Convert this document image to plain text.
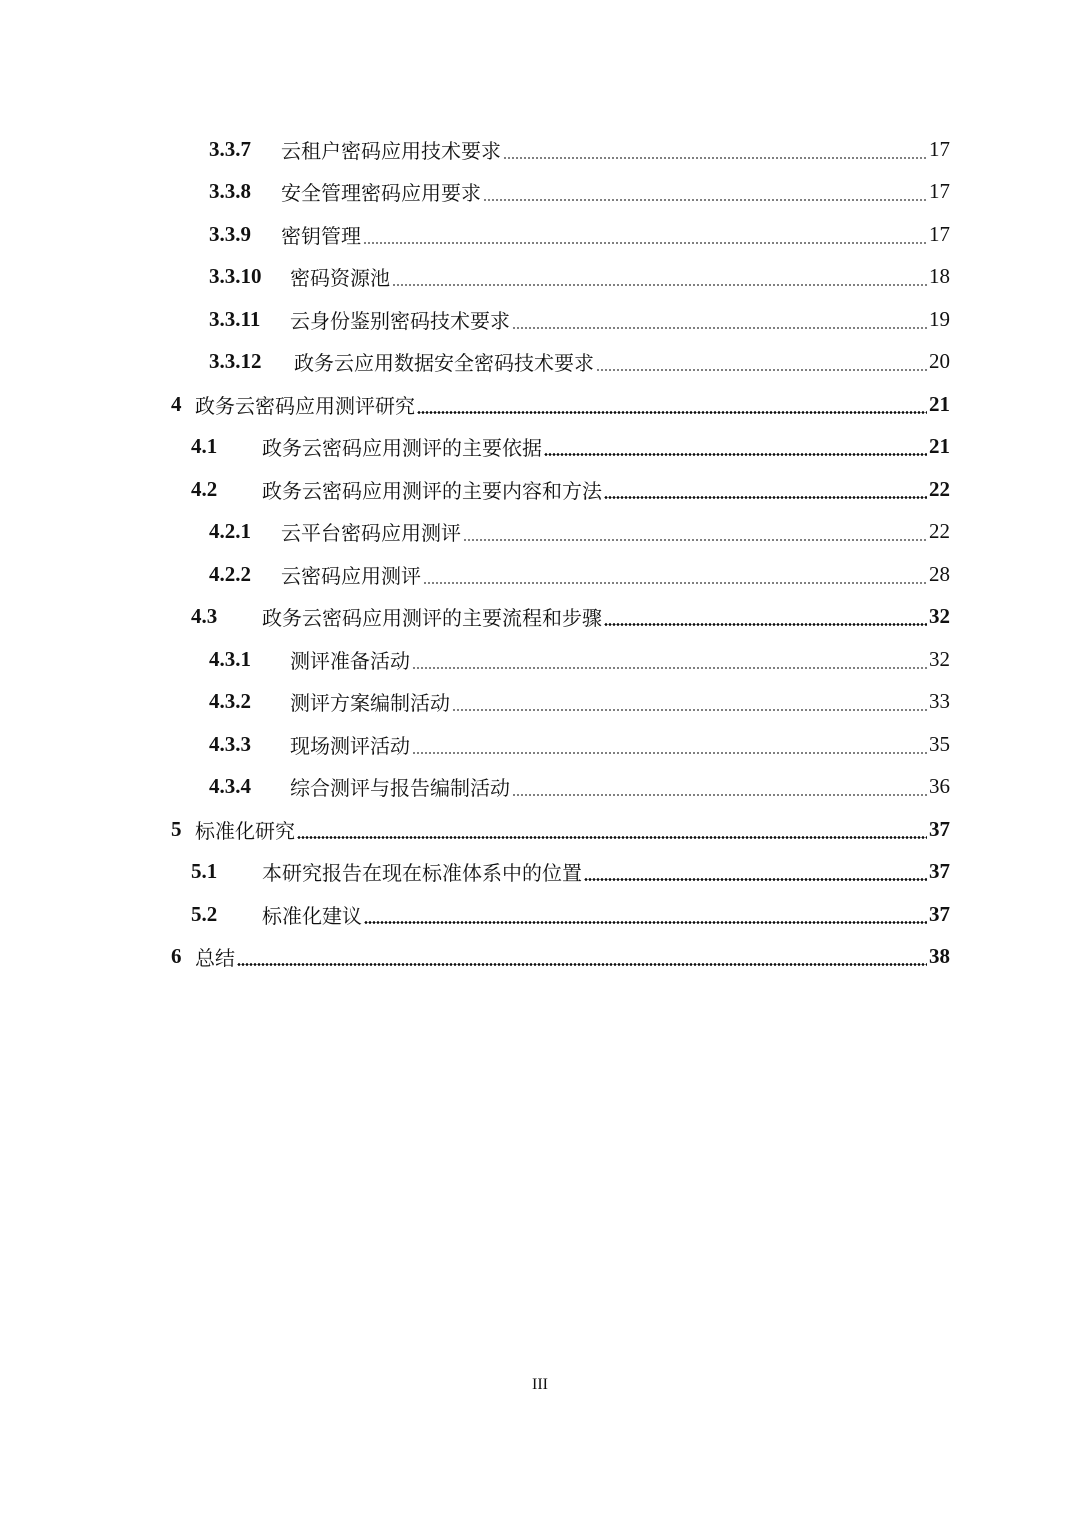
3.3.7	云租户密码应用技术要求	17
3.3.8	安全管理密码应用要求	17
3.3.9	密钥管理	17
3.3.10	密码资源池	18
3.3.11	云身份鉴别密码技术要求	19
3.3.12	政务云应用数据安全密码技术要求	20
4 政务云密码应用测评研究	21
4.1	政务云密码应用测评的主要依据	21
4.2	政务云密码应用测评的主要内容和方法	22
4.2.1	云平台密码应用测评	22
4.2.2	云密码应用测评	28
4.3	政务云密码应用测评的主要流程和步骤	32
4.3.1	测评准备活动	32
4.3.2	测评方案编制活动	33
4.3.3	现场测评活动	35
4.3.4	综合测评与报告编制活动	36
5 标准化研究	37
5.1	本研究报告在现在标准体系中的位置	37
5.2	标准化建议	37
6 总结	38
III
